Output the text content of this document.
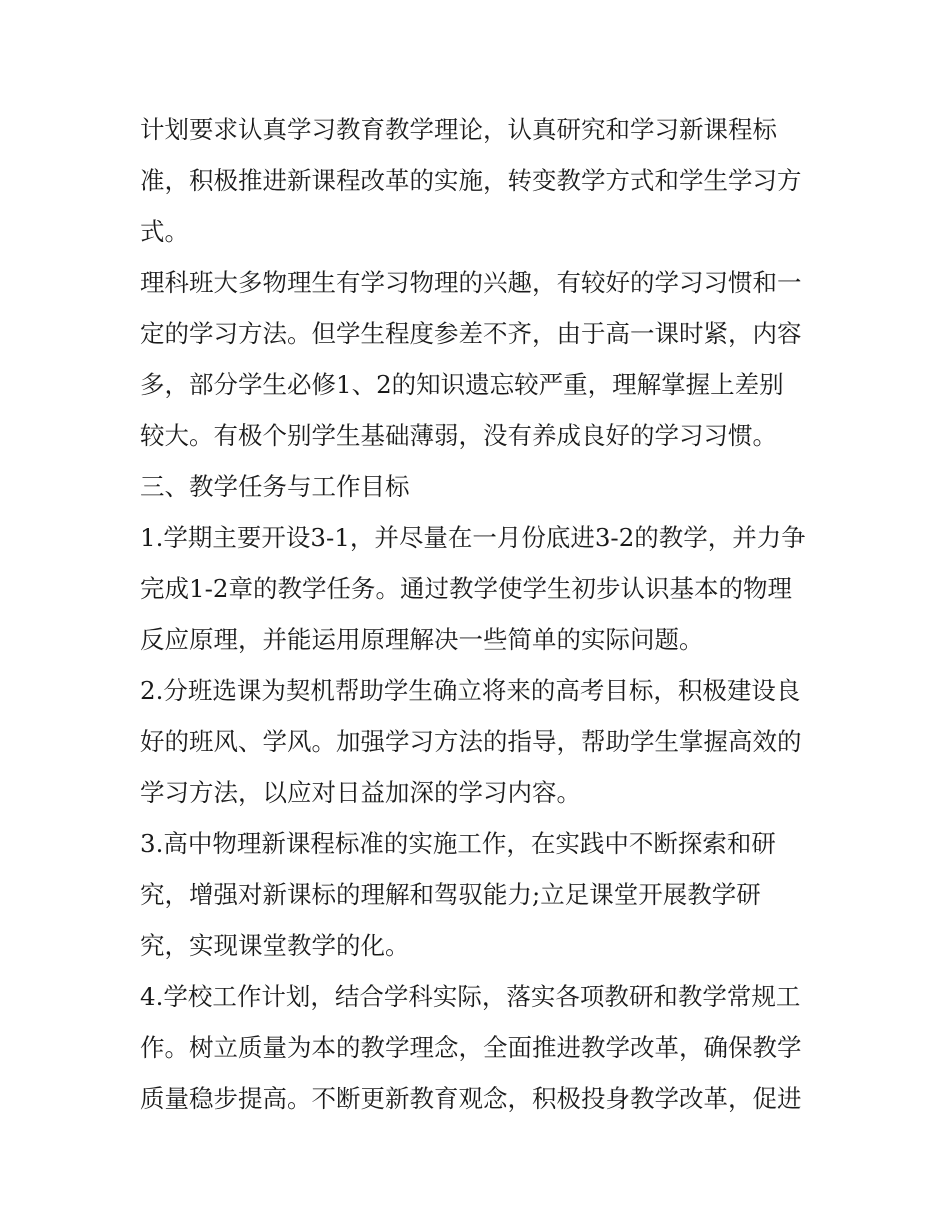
计划要求认真学习教育教学理论，认真研究和学习新课程标
准，积极推进新课程改革的实施，转变教学方式和学生学习方
式。

理科班大多物理生有学习物理的兴趣，有较好的学习习惯和一
定的学习方法。但学生程度参差不齐，由于高一课时紧，内容
多，部分学生必修1、2的知识遗忘较严重，理解掌握上差别
较大。有极个别学生基础薄弱，没有养成良好的学习习惯。

三、教学任务与工作目标

1.学期主要开设3-1，并尽量在一月份底进3-2的教学，并力争
完成1-2章的教学任务。通过教学使学生初步认识基本的物理
反应原理，并能运用原理解决一些简单的实际问题。

2.分班选课为契机帮助学生确立将来的高考目标，积极建设良
好的班风、学风。加强学习方法的指导，帮助学生掌握高效的
学习方法，以应对日益加深的学习内容。

3.高中物理新课程标准的实施工作，在实践中不断探索和研
究，增强对新课标的理解和驾驭能力;立足课堂开展教学研
究，实现课堂教学的化。

4.学校工作计划，结合学科实际，落实各项教研和教学常规工
作。树立质量为本的教学理念，全面推进教学改革，确保教学
质量稳步提高。不断更新教育观念，积极投身教学改革，促进
